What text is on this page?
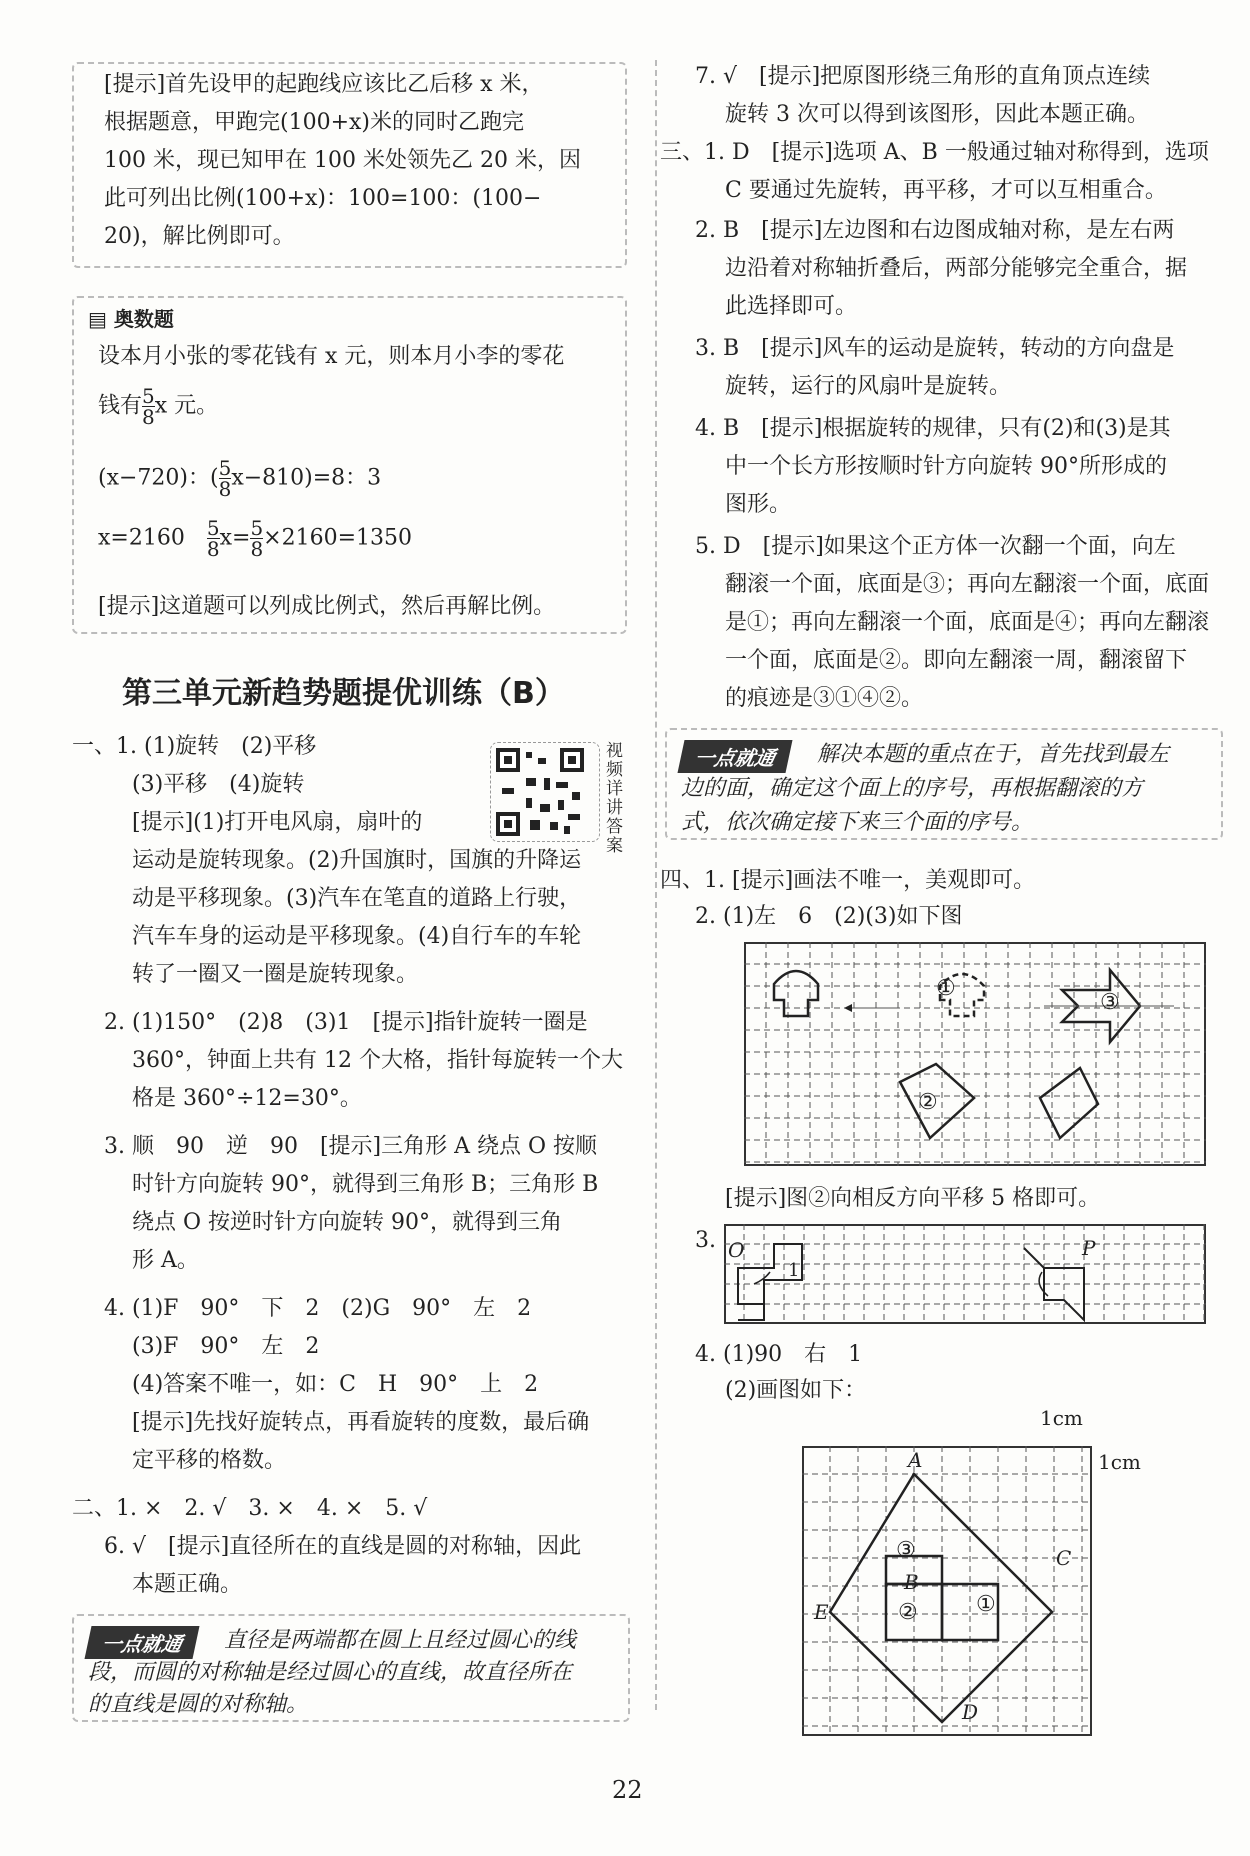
[提示]首先设甲的起跑线应该比乙后移 x 米，
根据题意，甲跑完(100+x)米的同时乙跑完
100 米，现已知甲在 100 米处领先乙 20 米，因
此可列出比例(100+x)：100=100：(100−
20)，解比例即可。
▤ 奥数题
设本月小张的零花钱有 x 元，则本月小李的零花
钱有 $\frac{5}{8}$ x 元。
(x−720)：( $\frac{5}{8} x-810)=8$：3
x=2160　 $\frac{5}{8} x= \frac{5}{8} \times 2160=1350$
[提示]这道题可以列成比例式，然后再解比例。
第三单元新趋势题提优训练（B）
视频详讲答案
一、1. (1)旋转　(2)平移
(3)平移　(4)旋转
[提示](1)打开电风扇，扇叶的
运动是旋转现象。(2)升国旗时，国旗的升降运
动是平移现象。(3)汽车在笔直的道路上行驶，
汽车车身的运动是平移现象。(4)自行车的车轮
转了一圈又一圈是旋转现象。
2. (1)150°　(2)8　(3)1　[提示]指针旋转一圈是
360°，钟面上共有 12 个大格，指针每旋转一个大
格是 360°÷12=30°。
3. 顺　90　逆　90　[提示]三角形 A 绕点 O 按顺
时针方向旋转 90°，就得到三角形 B；三角形 B
绕点 O 按逆时针方向旋转 90°，就得到三角
形 A。
4. (1)F　90°　下　2　(2)G　90°　左　2
(3)F　90°　左　2
(4)答案不唯一，如：C　H　90°　上　2
[提示]先找好旋转点，再看旋转的度数，最后确
定平移的格数。
二、1. ×　2. √　3. ×　4. ×　5. √
6. √　[提示]直径所在的直线是圆的对称轴，因此
本题正确。
一点就通	直径是两端都在圆上且经过圆心的线
段，而圆的对称轴是经过圆心的直线，故直径所在
的直线是圆的对称轴。
7. √　[提示]把原图形绕三角形的直角顶点连续
旋转 3 次可以得到该图形，因此本题正确。
三、1. D　[提示]选项 A、B 一般通过轴对称得到，选项
C 要通过先旋转，再平移，才可以互相重合。
2. B　[提示]左边图和右边图成轴对称，是左右两
边沿着对称轴折叠后，两部分能够完全重合，据
此选择即可。
3. B　[提示]风车的运动是旋转，转动的方向盘是
旋转，运行的风扇叶是旋转。
4. B　[提示]根据旋转的规律，只有(2)和(3)是其
中一个长方形按顺时针方向旋转 90°所形成的
图形。
5. D　[提示]如果这个正方体一次翻一个面，向左
翻滚一个面，底面是③；再向左翻滚一个面，底面
是①；再向左翻滚一个面，底面是④；再向左翻滚
一个面，底面是②。即向左翻滚一周，翻滚留下
的痕迹是③①④②。
一点就通	解决本题的重点在于，首先找到最左
边的面，确定这个面上的序号，再根据翻滚的方
式，依次确定接下来三个面的序号。
四、1. [提示]画法不唯一，美观即可。
2. (1)左　6　(2)(3)如下图
①
②
③
[提示]图②向相反方向平移 5 格即可。
3. O	P
1
4. (1)90　右　1
(2)画图如下：
1cm
1cm
③
②	①
A
B
C
D
E
22
